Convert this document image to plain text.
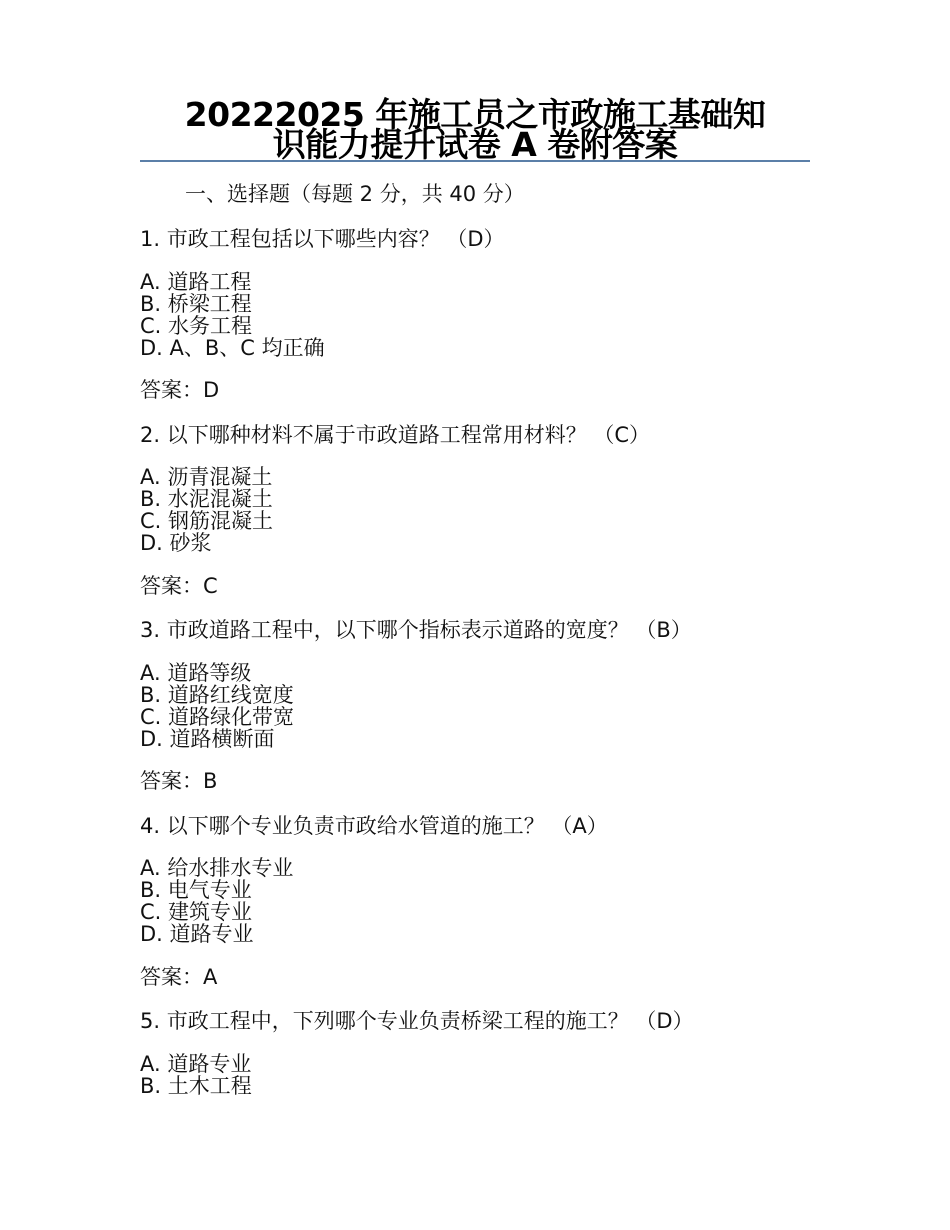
20222025 年施工员之市政施工基础知
识能力提升试卷 A 卷附答案
一、选择题（每题 2 分，共 40 分）
1. 市政工程包括以下哪些内容？ （D）
A. 道路工程
B. 桥梁工程
C. 水务工程
D. A、B、C 均正确
答案：D
2. 以下哪种材料不属于市政道路工程常用材料？ （C）
A. 沥青混凝土
B. 水泥混凝土
C. 钢筋混凝土
D. 砂浆
答案：C
3. 市政道路工程中，以下哪个指标表示道路的宽度？ （B）
A. 道路等级
B. 道路红线宽度
C. 道路绿化带宽
D. 道路横断面
答案：B
4. 以下哪个专业负责市政给水管道的施工？ （A）
A. 给水排水专业
B. 电气专业
C. 建筑专业
D. 道路专业
答案：A
5. 市政工程中，下列哪个专业负责桥梁工程的施工？ （D）
A. 道路专业
B. 土木工程
